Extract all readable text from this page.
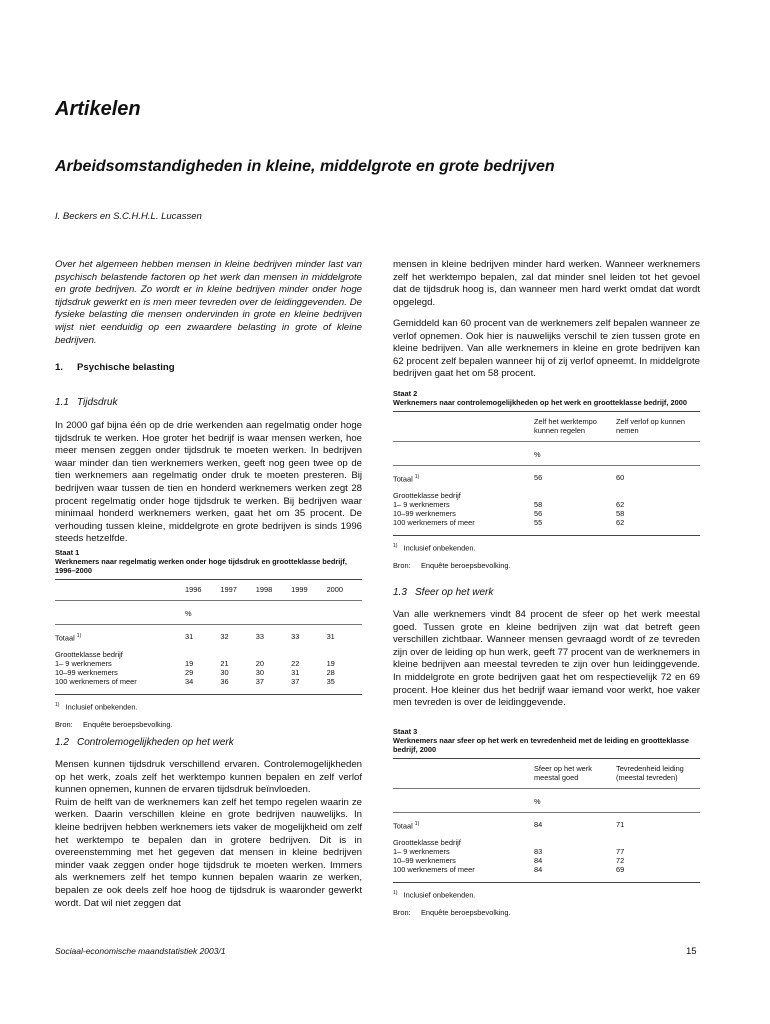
Artikelen
Arbeidsomstandigheden in kleine, middelgrote en grote bedrijven
I. Beckers en S.C.H.H.L. Lucassen

Over het algemeen hebben mensen in kleine bedrijven minder last van psychisch belastende factoren op het werk dan mensen in middelgrote en grote bedrijven. Zo wordt er in kleine bedrijven minder onder hoge tijdsdruk gewerkt en is men meer tevreden over de leidinggevenden. De fysieke belasting die mensen ondervinden in grote en kleine bedrijven wijst niet eenduidig op een zwaardere belasting in grote of kleine bedrijven.

1. Psychische belasting
1.1 Tijdsdruk

In 2000 gaf bijna één op de drie werkenden aan regelmatig onder hoge tijdsdruk te werken. Hoe groter het bedrijf is waar mensen werken, hoe meer mensen zeggen onder tijdsdruk te moeten werken. In bedrijven waar minder dan tien werknemers werken, geeft nog geen twee op de tien werknemers aan regelmatig onder druk te moeten presteren. Bij bedrijven waar tussen de tien en honderd werknemers werken zegt 28 procent regelmatig onder hoge tijdsdruk te werken. Bij bedrijven waar minimaal honderd werknemers werken, gaat het om 35 procent. De verhouding tussen kleine, middelgrote en grote bedrijven is sinds 1996 steeds hetzelfde.

Staat 1
Werknemers naar regelmatig werken onder hoge tijdsdruk en grootteklasse bedrijf, 1996–2000
	1996	1997	1998	1999	2000
	%				
Totaal $^{1)}$	31	32	33	33	31

Grootteklasse bedrijf					
1– 9 werknemers	19	21	20	22	19
10–99 werknemers	29	30	30	31	28
100 werknemers of meer	34	36	37	37	35
$^{1)}$ Inclusief onbekenden.
Bron: Enquête beroepsbevolking.
1.2 Controlemogelijkheden op het werk

Mensen kunnen tijdsdruk verschillend ervaren. Controlemogelijkheden op het werk, zoals zelf het werktempo kunnen bepalen en zelf verlof kunnen opnemen, kunnen de ervaren tijdsdruk beïnvloeden.

Ruim de helft van de werknemers kan zelf het tempo regelen waarin ze werken. Daarin verschillen kleine en grote bedrijven nauwelijks. In kleine bedrijven hebben werknemers iets vaker de mogelijkheid om zelf het werktempo te bepalen dan in grotere bedrijven. Dit is in overeenstemming met het gegeven dat mensen in kleine bedrijven minder vaak zeggen onder hoge tijdsdruk te moeten werken. Immers als werknemers zelf het tempo kunnen bepalen waarin ze werken, bepalen ze ook deels zelf hoe hoog de tijdsdruk is waaronder gewerkt wordt. Dat wil niet zeggen dat

mensen in kleine bedrijven minder hard werken. Wanneer werknemers zelf het werktempo bepalen, zal dat minder snel leiden tot het gevoel dat de tijdsdruk hoog is, dan wanneer men hard werkt omdat dat wordt opgelegd.

Gemiddeld kan 60 procent van de werknemers zelf bepalen wanneer ze verlof opnemen. Ook hier is nauwelijks verschil te zien tussen grote en kleine bedrijven. Van alle werknemers in kleine en grote bedrijven kan 62 procent zelf bepalen wanneer hij of zij verlof opneemt. In middelgrote bedrijven gaat het om 58 procent.

Staat 2
Werknemers naar controlemogelijkheden op het werk en grootteklasse bedrijf, 2000
	Zelf het werktempo kunnen regelen	Zelf verlof op kunnen nemen
	%	
Totaal $^{1)}$	56	60

Grootteklasse bedrijf		
1– 9 werknemers	58	62
10–99 werknemers	56	58
100 werknemers of meer	55	62
$^{1)}$ Inclusief onbekenden.
Bron: Enquête beroepsbevolking.
1.3 Sfeer op het werk

Van alle werknemers vindt 84 procent de sfeer op het werk meestal goed. Tussen grote en kleine bedrijven zijn wat dat betreft geen verschillen zichtbaar. Wanneer mensen gevraagd wordt of ze tevreden zijn over de leiding op hun werk, geeft 77 procent van de werknemers in kleine bedrijven aan meestal tevreden te zijn over hun leidinggevende. In middelgrote en grote bedrijven gaat het om respectievelijk 72 en 69 procent. Hoe kleiner dus het bedrijf waar iemand voor werkt, hoe vaker men tevreden is over de leidinggevende.

Staat 3
Werknemers naar sfeer op het werk en tevredenheid met de leiding en grootteklasse bedrijf, 2000
	Sfeer op het werk meestal goed	Tevredenheid leiding (meestal tevreden)
	%	
Totaal $^{1)}$	84	71

Grootteklasse bedrijf		
1– 9 werknemers	83	77
10–99 werknemers	84	72
100 werknemers of meer	84	69
$^{1)}$ Inclusief onbekenden.
Bron: Enquête beroepsbevolking.
Sociaal-economische maandstatistiek 2003/1	15
